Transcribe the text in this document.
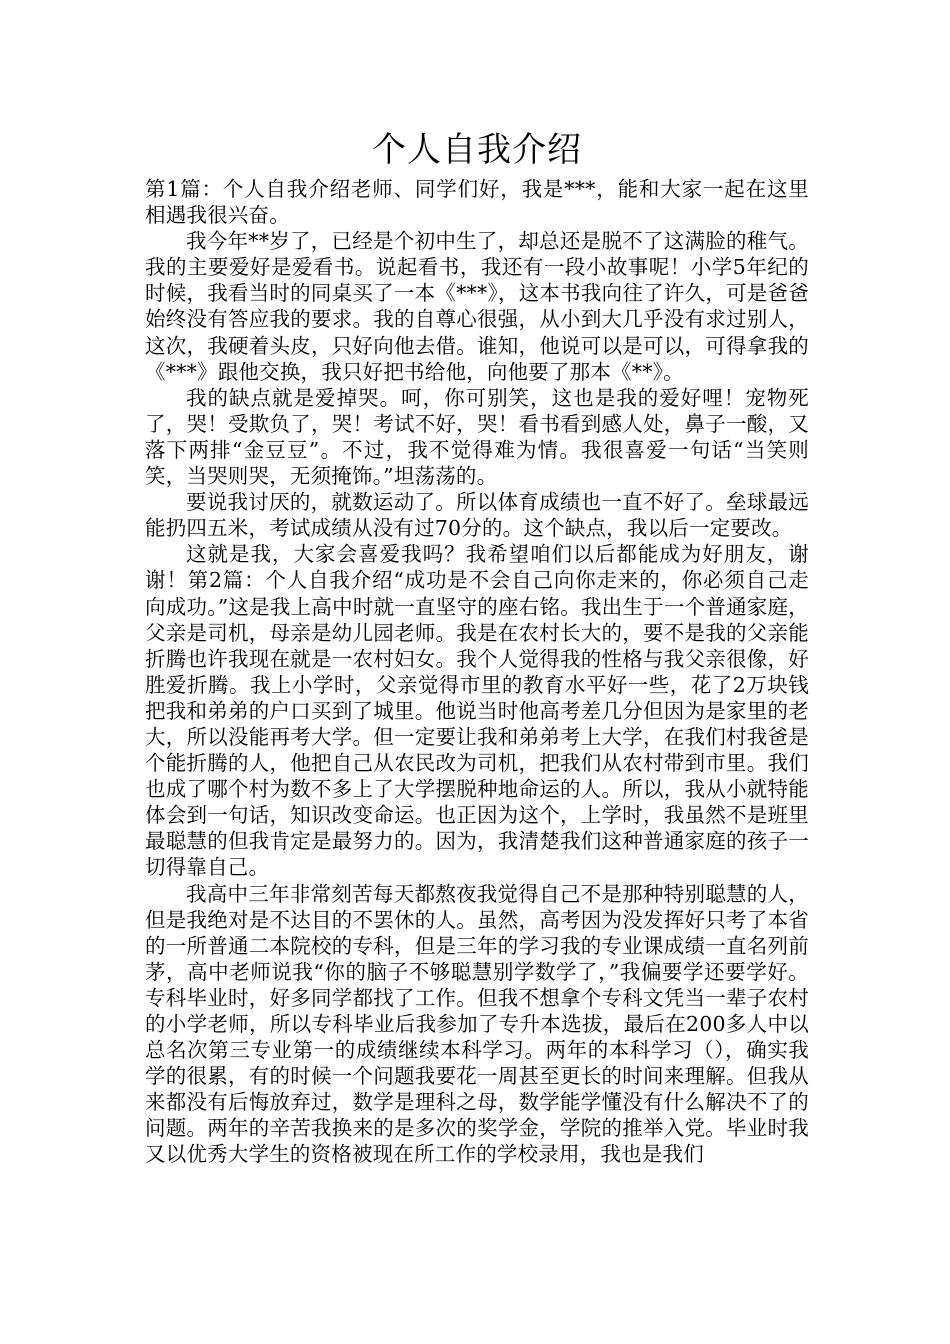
个人自我介绍

第1篇：个人自我介绍老师、同学们好，我是***，能和大家一起在这里相遇我很兴奋。

我今年**岁了，已经是个初中生了，却总还是脱不了这满脸的稚气。我的主要爱好是爱看书。说起看书，我还有一段小故事呢！小学5年纪的时候，我看当时的同桌买了一本《***》，这本书我向往了许久，可是爸爸始终没有答应我的要求。我的自尊心很强，从小到大几乎没有求过别人，这次，我硬着头皮，只好向他去借。谁知，他说可以是可以，可得拿我的《***》跟他交换，我只好把书给他，向他要了那本《**》。

我的缺点就是爱掉哭。呵，你可别笑，这也是我的爱好哩！宠物死了，哭！受欺负了，哭！考试不好，哭！看书看到感人处，鼻子一酸，又落下两排“金豆豆”。不过，我不觉得难为情。我很喜爱一句话“当笑则笑，当哭则哭，无须掩饰。”坦荡荡的。

要说我讨厌的，就数运动了。所以体育成绩也一直不好了。垒球最远能扔四五米，考试成绩从没有过70分的。这个缺点，我以后一定要改。

这就是我，大家会喜爱我吗？我希望咱们以后都能成为好朋友，谢谢！第2篇：个人自我介绍“成功是不会自己向你走来的，你必须自己走向成功。”这是我上高中时就一直坚守的座右铭。我出生于一个普通家庭，父亲是司机，母亲是幼儿园老师。我是在农村长大的，要不是我的父亲能折腾也许我现在就是一农村妇女。我个人觉得我的性格与我父亲很像，好胜爱折腾。我上小学时，父亲觉得市里的教育水平好一些，花了2万块钱把我和弟弟的户口买到了城里。他说当时他高考差几分但因为是家里的老大，所以没能再考大学。但一定要让我和弟弟考上大学，在我们村我爸是个能折腾的人，他把自己从农民改为司机，把我们从农村带到市里。我们也成了哪个村为数不多上了大学摆脱种地命运的人。所以，我从小就特能体会到一句话，知识改变命运。也正因为这个，上学时，我虽然不是班里最聪慧的但我肯定是最努力的。因为，我清楚我们这种普通家庭的孩子一切得靠自己。

我高中三年非常刻苦每天都熬夜我觉得自己不是那种特别聪慧的人，但是我绝对是不达目的不罢休的人。虽然，高考因为没发挥好只考了本省的一所普通二本院校的专科，但是三年的学习我的专业课成绩一直名列前茅，高中老师说我“你的脑子不够聪慧别学数学了，”我偏要学还要学好。专科毕业时，好多同学都找了工作。但我不想拿个专科文凭当一辈子农村的小学老师，所以专科毕业后我参加了专升本选拔，最后在200多人中以总名次第三专业第一的成绩继续本科学习。两年的本科学习（），确实我学的很累，有的时候一个问题我要花一周甚至更长的时间来理解。但我从来都没有后悔放弃过，数学是理科之母，数学能学懂没有什么解决不了的问题。两年的辛苦我换来的是多次的奖学金，学院的推举入党。毕业时我又以优秀大学生的资格被现在所工作的学校录用，我也是我们
